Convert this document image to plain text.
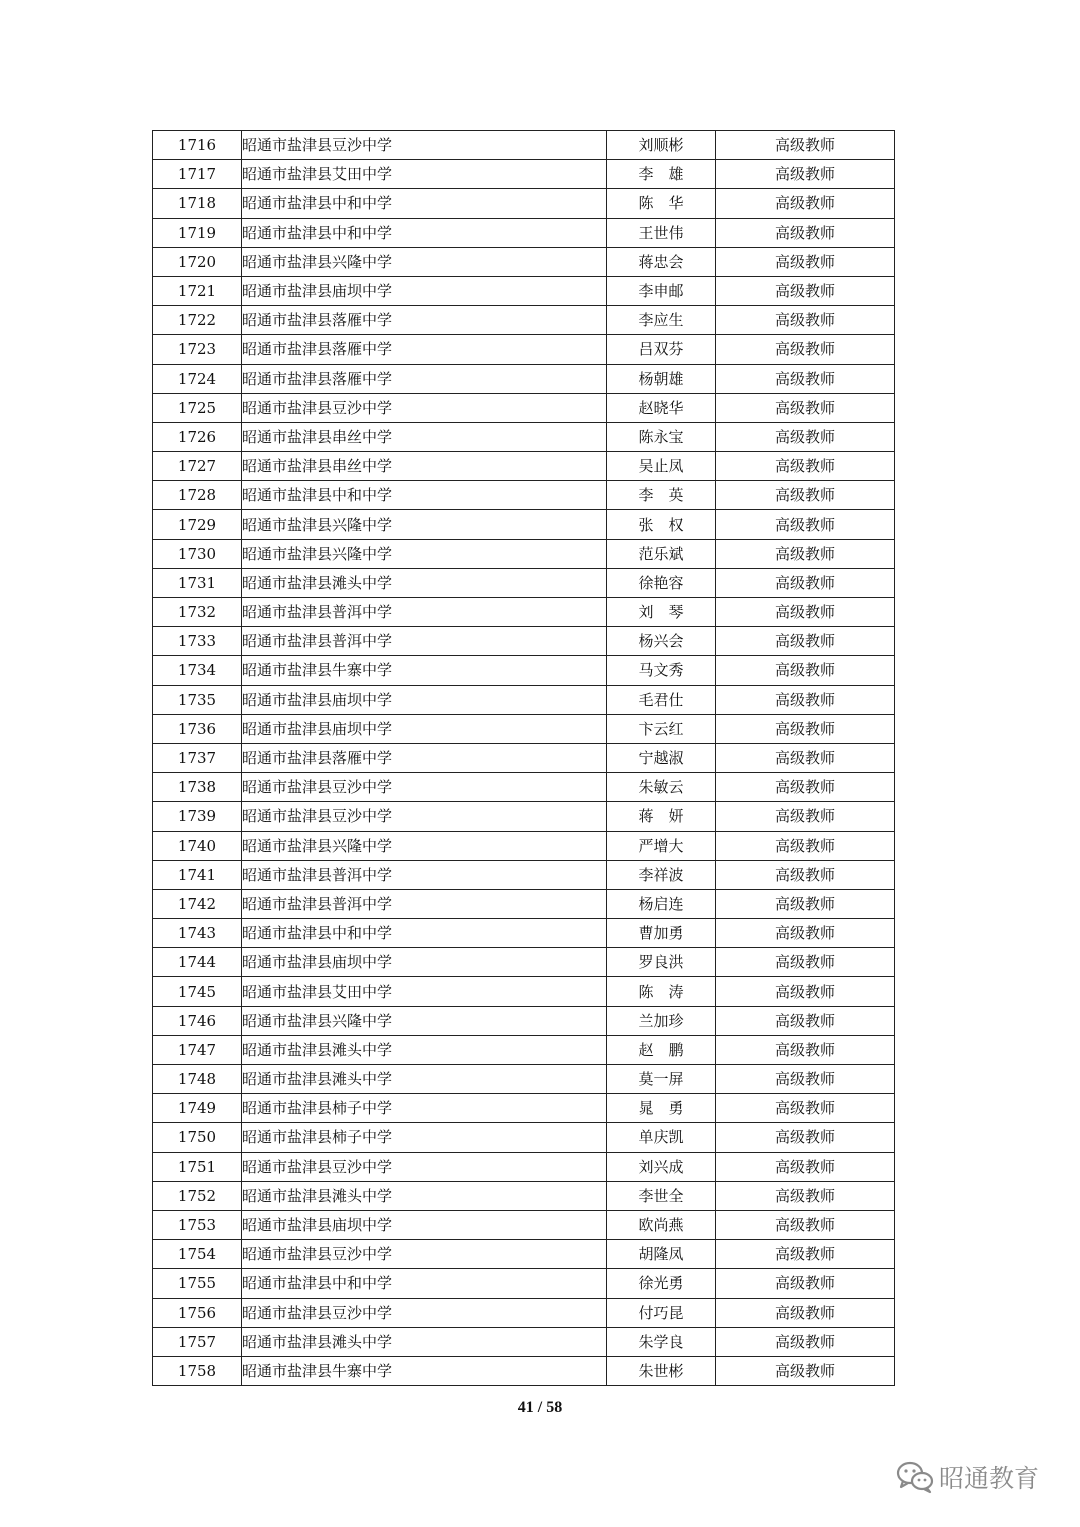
1716	昭通市盐津县豆沙中学	刘顺彬	高级教师
1717	昭通市盐津县艾田中学	李　雄	高级教师
1718	昭通市盐津县中和中学	陈　华	高级教师
1719	昭通市盐津县中和中学	王世伟	高级教师
1720	昭通市盐津县兴隆中学	蒋忠会	高级教师
1721	昭通市盐津县庙坝中学	李申邮	高级教师
1722	昭通市盐津县落雁中学	李应生	高级教师
1723	昭通市盐津县落雁中学	吕双芬	高级教师
1724	昭通市盐津县落雁中学	杨朝雄	高级教师
1725	昭通市盐津县豆沙中学	赵晓华	高级教师
1726	昭通市盐津县串丝中学	陈永宝	高级教师
1727	昭通市盐津县串丝中学	吴止凤	高级教师
1728	昭通市盐津县中和中学	李　英	高级教师
1729	昭通市盐津县兴隆中学	张　权	高级教师
1730	昭通市盐津县兴隆中学	范乐斌	高级教师
1731	昭通市盐津县滩头中学	徐艳容	高级教师
1732	昭通市盐津县普洱中学	刘　琴	高级教师
1733	昭通市盐津县普洱中学	杨兴会	高级教师
1734	昭通市盐津县牛寨中学	马文秀	高级教师
1735	昭通市盐津县庙坝中学	毛君仕	高级教师
1736	昭通市盐津县庙坝中学	卞云红	高级教师
1737	昭通市盐津县落雁中学	宁越淑	高级教师
1738	昭通市盐津县豆沙中学	朱敏云	高级教师
1739	昭通市盐津县豆沙中学	蒋　妍	高级教师
1740	昭通市盐津县兴隆中学	严增大	高级教师
1741	昭通市盐津县普洱中学	李祥波	高级教师
1742	昭通市盐津县普洱中学	杨启连	高级教师
1743	昭通市盐津县中和中学	曹加勇	高级教师
1744	昭通市盐津县庙坝中学	罗良洪	高级教师
1745	昭通市盐津县艾田中学	陈　涛	高级教师
1746	昭通市盐津县兴隆中学	兰加珍	高级教师
1747	昭通市盐津县滩头中学	赵　鹏	高级教师
1748	昭通市盐津县滩头中学	莫一屏	高级教师
1749	昭通市盐津县柿子中学	晁　勇	高级教师
1750	昭通市盐津县柿子中学	单庆凯	高级教师
1751	昭通市盐津县豆沙中学	刘兴成	高级教师
1752	昭通市盐津县滩头中学	李世全	高级教师
1753	昭通市盐津县庙坝中学	欧尚燕	高级教师
1754	昭通市盐津县豆沙中学	胡隆凤	高级教师
1755	昭通市盐津县中和中学	徐光勇	高级教师
1756	昭通市盐津县豆沙中学	付巧昆	高级教师
1757	昭通市盐津县滩头中学	朱学良	高级教师
1758	昭通市盐津县牛寨中学	朱世彬	高级教师
41 / 58
昭通教育
